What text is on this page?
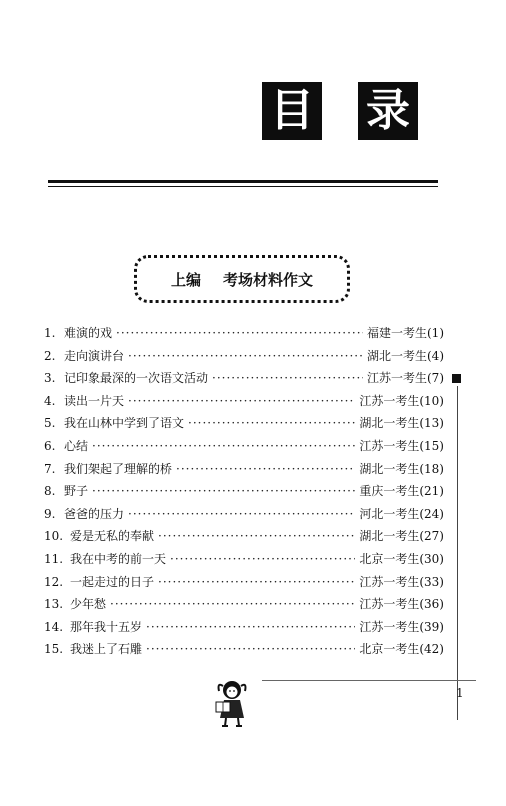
目 录
上编 考场材料作文
1. 难演的戏 ·····	福建一考生(1)
2. 走向演讲台 ·····	湖北一考生(4)
3. 记印象最深的一次语文活动 ·····	江苏一考生(7)
4. 读出一片天 ·····	江苏一考生(10)
5. 我在山林中学到了语文 ·····	湖北一考生(13)
6. 心结 ·····	江苏一考生(15)
7. 我们架起了理解的桥 ·····	湖北一考生(18)
8. 野子 ·····	重庆一考生(21)
9. 爸爸的压力 ·····	河北一考生(24)
10. 爱是无私的奉献 ·····	湖北一考生(27)
11. 我在中考的前一天 ·····	北京一考生(30)
12. 一起走过的日子 ·····	江苏一考生(33)
13. 少年愁 ·····	江苏一考生(36)
14. 那年我十五岁 ·····	江苏一考生(39)
15. 我迷上了石雕 ·····	北京一考生(42)
1
